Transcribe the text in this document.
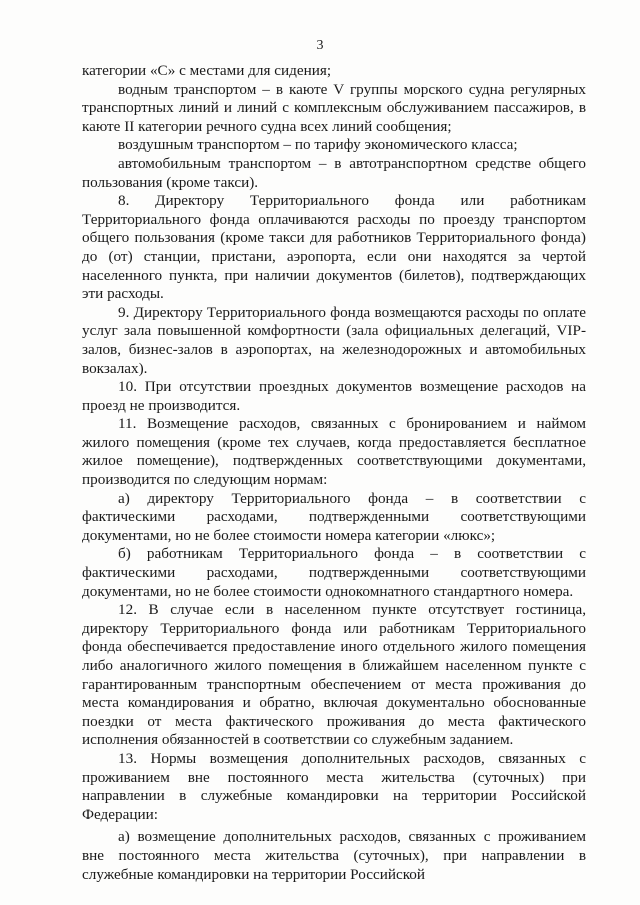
3

категории «С» с местами для сидения;

водным транспортом – в каюте V группы морского судна регулярных транспортных линий и линий с комплексным обслуживанием пассажиров, в каюте II категории речного судна всех линий сообщения;

воздушным транспортом – по тарифу экономического класса;

автомобильным транспортом – в автотранспортном средстве общего пользования (кроме такси).

8. Директору Территориального фонда или работникам Территориального фонда оплачиваются расходы по проезду транспортом общего пользования (кроме такси для работников Территориального фонда) до (от) станции, пристани, аэропорта, если они находятся за чертой населенного пункта, при наличии документов (билетов), подтверждающих эти расходы.

9. Директору Территориального фонда возмещаются расходы по оплате услуг зала повышенной комфортности (зала официальных делегаций, VIP-залов, бизнес-залов в аэропортах, на железнодорожных и автомобильных вокзалах).

10. При отсутствии проездных документов возмещение расходов на проезд не производится.

11. Возмещение расходов, связанных с бронированием и наймом жилого помещения (кроме тех случаев, когда предоставляется бесплатное жилое помещение), подтвержденных соответствующими документами, производится по следующим нормам:

а) директору Территориального фонда – в соответствии с фактическими расходами, подтвержденными соответствующими документами, но не более стоимости номера категории «люкс»;

б) работникам Территориального фонда – в соответствии с фактическими расходами, подтвержденными соответствующими документами, но не более стоимости однокомнатного стандартного номера.

12. В случае если в населенном пункте отсутствует гостиница, директору Территориального фонда или работникам Территориального фонда обеспечивается предоставление иного отдельного жилого помещения либо аналогичного жилого помещения в ближайшем населенном пункте с гарантированным транспортным обеспечением от места проживания до места командирования и обратно, включая документально обоснованные поездки от места фактического проживания до места фактического исполнения обязанностей в соответствии со служебным заданием.

13. Нормы возмещения дополнительных расходов, связанных с проживанием вне постоянного места жительства (суточных) при направлении в служебные командировки на территории Российской Федерации:

а) возмещение дополнительных расходов, связанных с проживанием вне постоянного места жительства (суточных), при направлении в служебные командировки на территории Российской
